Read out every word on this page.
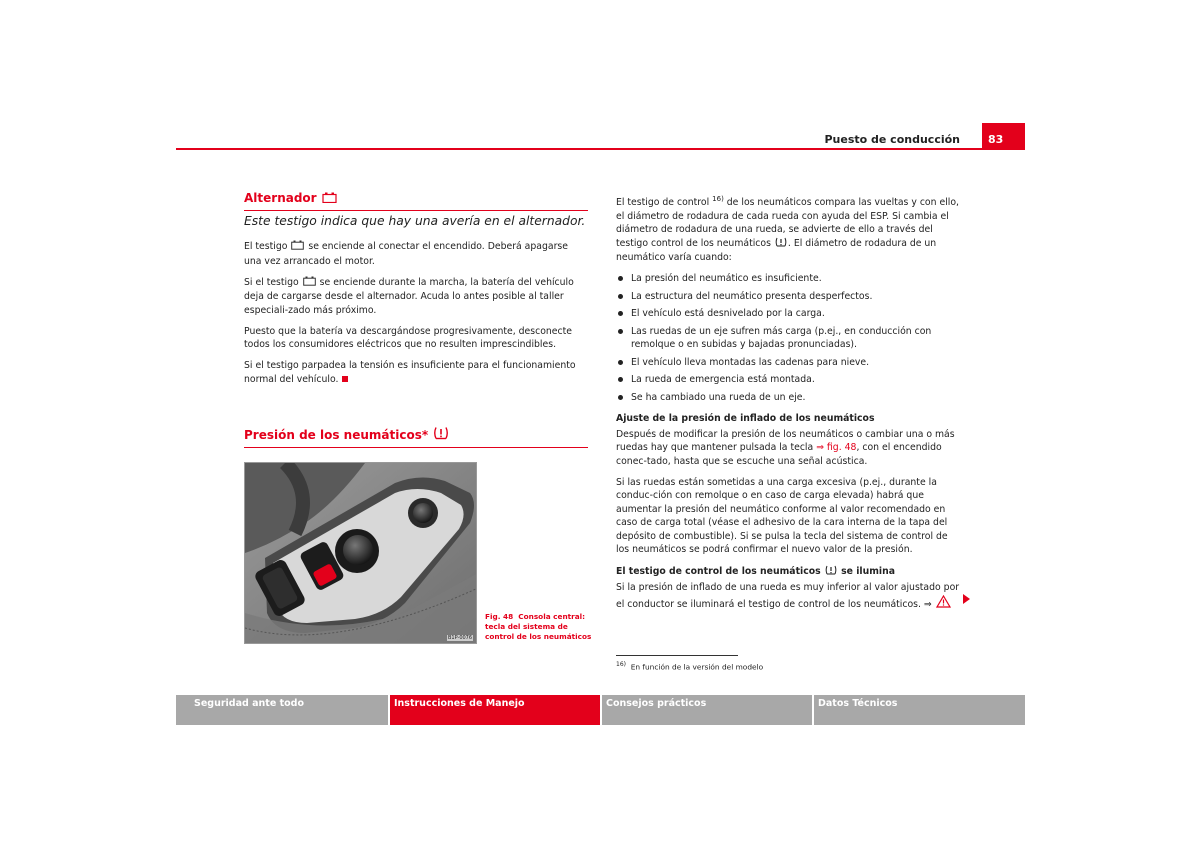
Puesto de conducción	83
Alternador
Este testigo indica que hay una avería en el alternador.

El testigo se enciende al conectar el encendido. Deberá apagarse una vez arrancado el motor.

Si el testigo se enciende durante la marcha, la batería del vehículo deja de cargarse desde el alternador. Acuda lo antes posible al taller especiali-zado más próximo.

Puesto que la batería va descargándose progresivamente, desconecte todos los consumidores eléctricos que no resulten imprescindibles.

Si el testigo parpadea la tensión es insuficiente para el funcionamiento normal del vehículo.

Presión de los neumáticos*
B1P-0076
Fig. 48 Consola central: tecla del sistema de control de los neumáticos

El testigo de control $^{16)}$ de los neumáticos compara las vueltas y con ello, el diámetro de rodadura de cada rueda con ayuda del ESP. Si cambia el diámetro de rodadura de una rueda, se advierte de ello a través del testigo control de los neumáticos . El diámetro de rodadura de un neumático varía cuando:

La presión del neumático es insuficiente.
La estructura del neumático presenta desperfectos.
El vehículo está desnivelado por la carga.
Las ruedas de un eje sufren más carga (p.ej., en conducción con remolque o en subidas y bajadas pronunciadas).
El vehículo lleva montadas las cadenas para nieve.
La rueda de emergencia está montada.
Se ha cambiado una rueda de un eje.
Ajuste de la presión de inflado de los neumáticos

Después de modificar la presión de los neumáticos o cambiar una o más ruedas hay que mantener pulsada la tecla ⇒ fig. 48, con el encendido conec-tado, hasta que se escuche una señal acústica.

Si las ruedas están sometidas a una carga excesiva (p.ej., durante la conduc-ción con remolque o en caso de carga elevada) habrá que aumentar la presión del neumático conforme al valor recomendado en caso de carga total (véase el adhesivo de la cara interna de la tapa del depósito de combustible). Si se pulsa la tecla del sistema de control de los neumáticos se podrá confirmar el nuevo valor de la presión.

El testigo de control de los neumáticos se ilumina

Si la presión de inflado de una rueda es muy inferior al valor ajustado por el conductor se iluminará el testigo de control de los neumáticos. ⇒

$^{16)}$ En función de la versión del modelo
Seguridad ante todo	Instrucciones de Manejo	Consejos prácticos	Datos Técnicos
